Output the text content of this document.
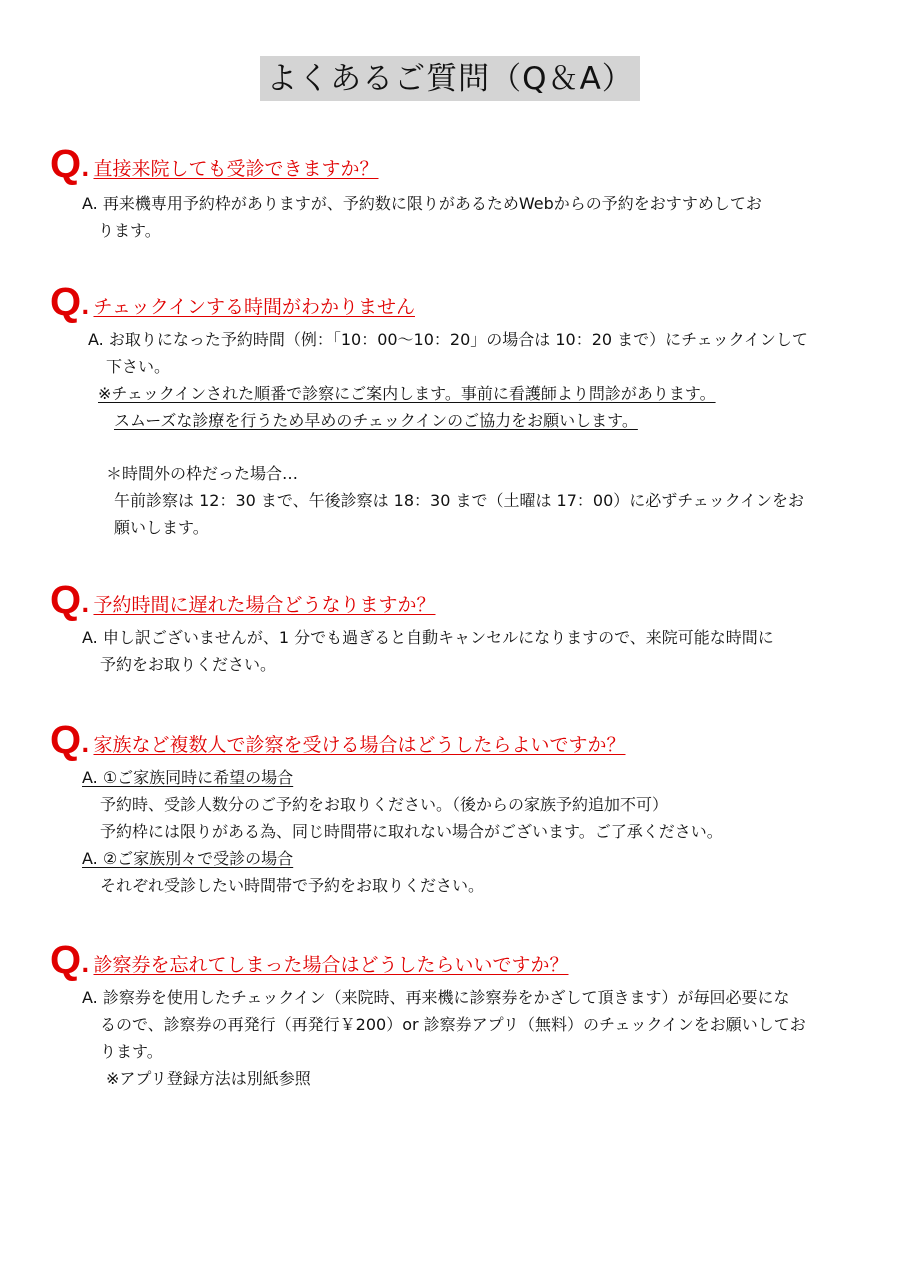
よくあるご質問（Q＆A）
Q . 直接来院しても受診できますか？
A. 再来機専用予約枠がありますが、予約数に限りがあるためWebからの予約をおすすめしてお
ります。
Q . チェックインする時間がわかりません
A. お取りになった予約時間（例：「10：00～10：20」の場合は 10：20 まで）にチェックインして
下さい。
※チェックインされた順番で診察にご案内します。事前に看護師より問診があります。
スムーズな診療を行うため早めのチェックインのご協力をお願いします。
＊時間外の枠だった場合…
午前診察は 12：30 まで、午後診察は 18：30 まで（土曜は 17：00）に必ずチェックインをお
願いします。
Q . 予約時間に遅れた場合どうなりますか？
A. 申し訳ございませんが、1 分でも過ぎると自動キャンセルになりますので、来院可能な時間に
予約をお取りください。
Q . 家族など複数人で診察を受ける場合はどうしたらよいですか？
A. ①ご家族同時に希望の場合
予約時、受診人数分のご予約をお取りください。（後からの家族予約追加不可）
予約枠には限りがある為、同じ時間帯に取れない場合がございます。ご了承ください。
A. ②ご家族別々で受診の場合
それぞれ受診したい時間帯で予約をお取りください。
Q . 診察券を忘れてしまった場合はどうしたらいいですか？
A. 診察券を使用したチェックイン（来院時、再来機に診察券をかざして頂きます）が毎回必要にな
るので、診察券の再発行（再発行￥200）or 診察券アプリ（無料）のチェックインをお願いしてお
ります。
※アプリ登録方法は別紙参照
